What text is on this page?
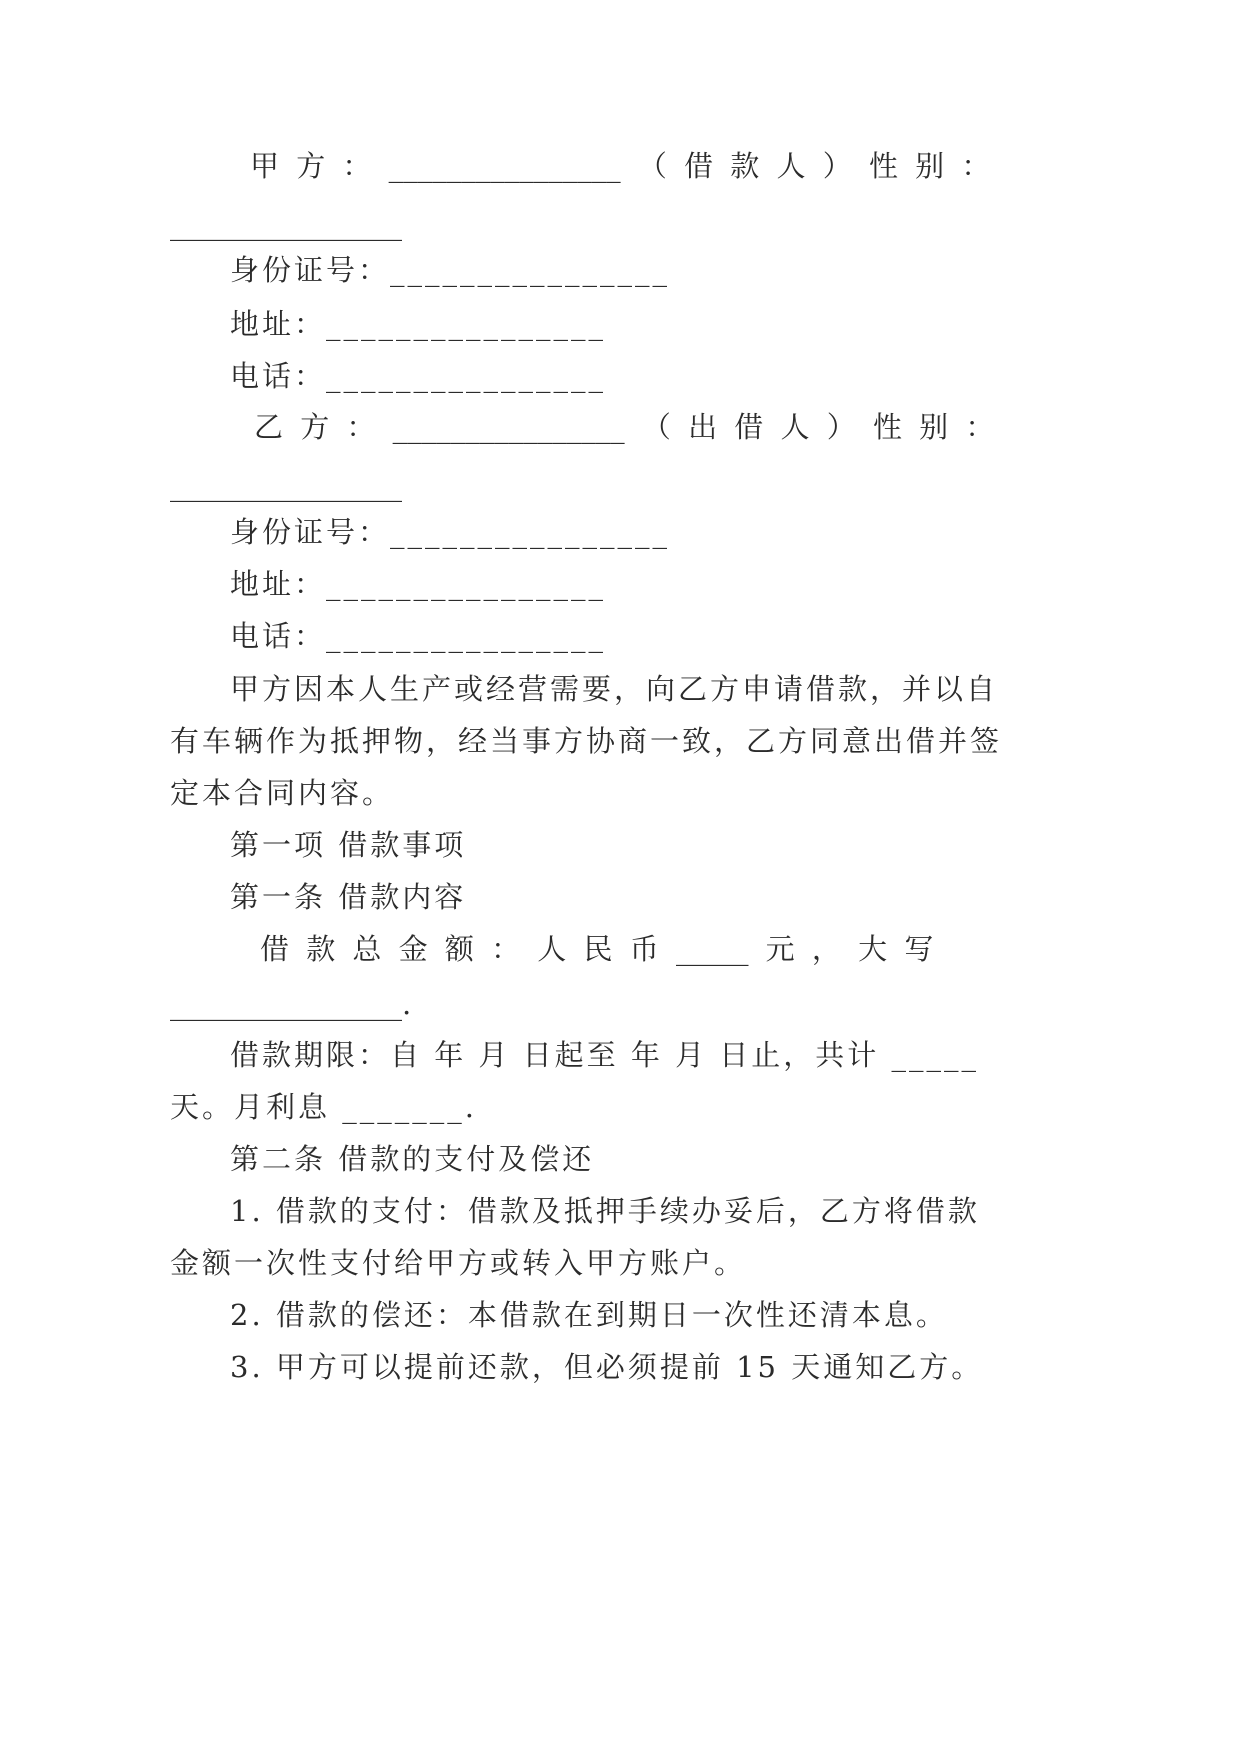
甲 方 ： ________________ （ 借 款 人 ） 性 别 ：
________________
身份证号：________________
地址：________________
电话：________________
乙 方 ： ________________ （ 出 借 人 ） 性 别 ：
________________
身份证号：________________
地址：________________
电话：________________
甲方因本人生产或经营需要，向乙方申请借款，并以自
有车辆作为抵押物，经当事方协商一致，乙方同意出借并签
定本合同内容。
第一项 借款事项
第一条 借款内容
借 款 总 金 额 ： 人 民 币 _____ 元 ， 大 写
________________.
借款期限：自 年 月 日起至 年 月 日止，共计 _____
天。月利息 _______.
第二条 借款的支付及偿还
1. 借款的支付：借款及抵押手续办妥后，乙方将借款
金额一次性支付给甲方或转入甲方账户。
2. 借款的偿还：本借款在到期日一次性还清本息。
3. 甲方可以提前还款，但必须提前 15 天通知乙方。
